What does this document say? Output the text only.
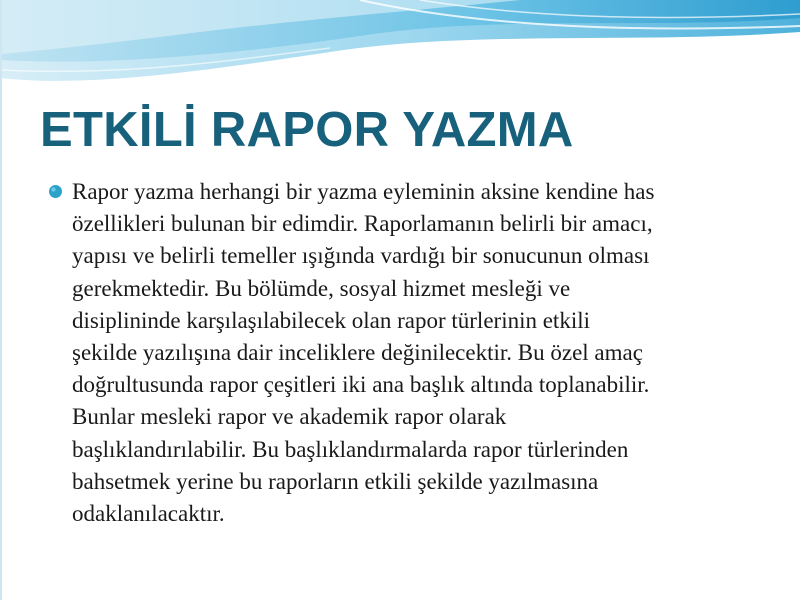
ETKİLİ RAPOR YAZMA
Rapor yazma herhangi bir yazma eyleminin aksine kendine has
özellikleri bulunan bir edimdir. Raporlamanın belirli bir amacı,
yapısı ve belirli temeller ışığında vardığı bir sonucunun olması
gerekmektedir. Bu bölümde, sosyal hizmet mesleği ve
disiplininde karşılaşılabilecek olan rapor türlerinin etkili
şekilde yazılışına dair inceliklere değinilecektir. Bu özel amaç
doğrultusunda rapor çeşitleri iki ana başlık altında toplanabilir.
Bunlar mesleki rapor ve akademik rapor olarak
başlıklandırılabilir. Bu başlıklandırmalarda rapor türlerinden
bahsetmek yerine bu raporların etkili şekilde yazılmasına
odaklanılacaktır.
